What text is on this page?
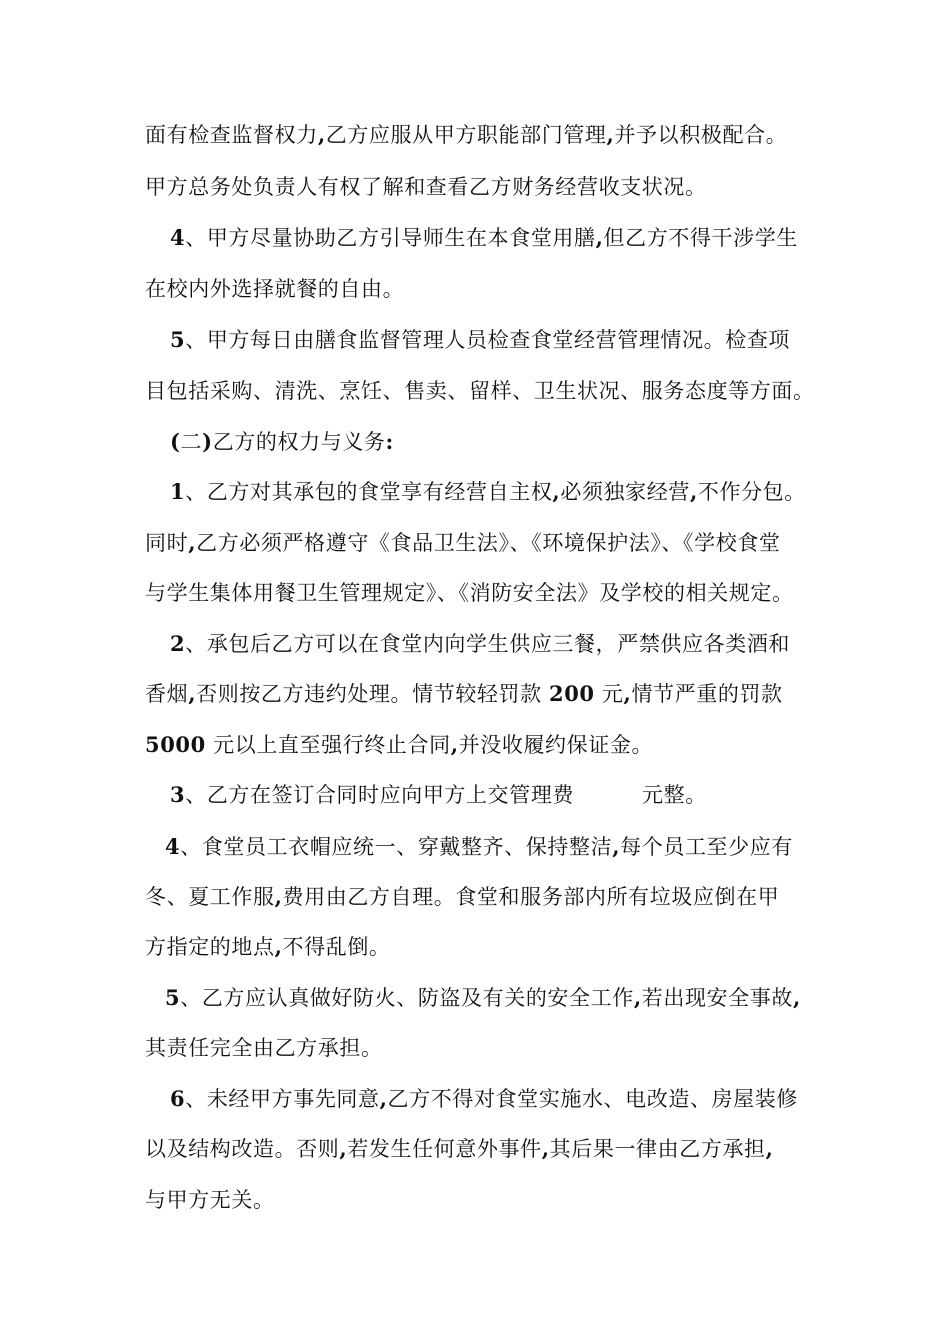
面有检查监督权力,乙方应服从甲方职能部门管理,并予以积极配合。
甲方总务处负责人有权了解和查看乙方财务经营收支状况。
4、甲方尽量协助乙方引导师生在本食堂用膳,但乙方不得干涉学生
在校内外选择就餐的自由。
5、甲方每日由膳食监督管理人员检查食堂经营管理情况。检查项
目包括采购、清洗、烹饪、售卖、留样、卫生状况、服务态度等方面。
(二)乙方的权力与义务:
1、乙方对其承包的食堂享有经营自主权,必须独家经营,不作分包。
同时,乙方必须严格遵守《食品卫生法》、《环境保护法》、《学校食堂
与学生集体用餐卫生管理规定》、《消防安全法》及学校的相关规定。
2、承包后乙方可以在食堂内向学生供应三餐，严禁供应各类酒和
香烟,否则按乙方违约处理。情节较轻罚款 200 元,情节严重的罚款
5000 元以上直至强行终止合同,并没收履约保证金。
3、乙方在签订合同时应向甲方上交管理费	元整。
4、食堂员工衣帽应统一、穿戴整齐、保持整洁,每个员工至少应有
冬、夏工作服,费用由乙方自理。食堂和服务部内所有垃圾应倒在甲
方指定的地点,不得乱倒。
5、乙方应认真做好防火、防盗及有关的安全工作,若出现安全事故,
其责任完全由乙方承担。
6、未经甲方事先同意,乙方不得对食堂实施水、电改造、房屋装修
以及结构改造。否则,若发生任何意外事件,其后果一律由乙方承担,
与甲方无关。
